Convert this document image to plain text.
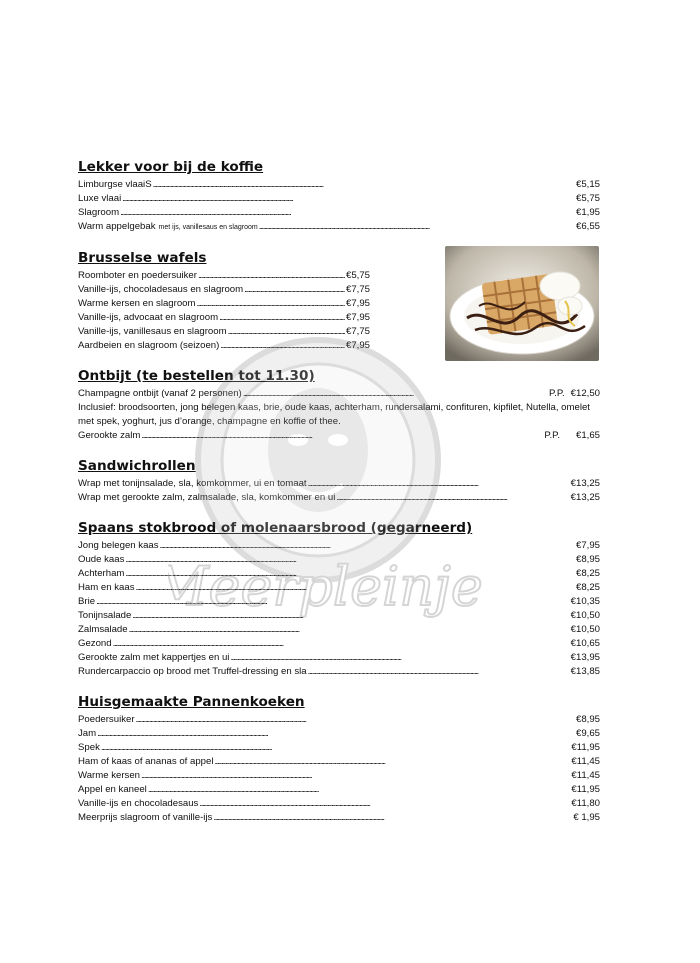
Lekker voor bij de koffie
Limburgse vlaaiS . . .	€5,15
Luxe vlaai . . .	€5,75
Slagroom . . .	€1,95
Warm appelgebak met ijs, vanillesaus en slagroom . . .	€6,55
Brusselse wafels
Roomboter en poedersuiker . . .	€5,75
Vanille-ijs, chocoladesaus en slagroom . . .	€7,75
Warme kersen en slagroom . . .	€7,95
Vanille-ijs, advocaat en slagroom . . .	€7,95
Vanille-ijs, vanillesaus en slagroom . . .	€7,75
Aardbeien en slagroom (seizoen) . . .	€7,95
Ontbijt (te bestellen tot 11.30)
Champagne ontbijt (vanaf 2 personen) . . .	P.P. €12,50
Inclusief: broodsoorten, jong belegen kaas, brie, oude kaas, achterham, rundersalami, confituren, kipfilet, Nutella, omelet met spek, yoghurt, jus d’orange, champagne en koffie of thee.
Gerookte zalm . . .	P.P.	€1,65
Sandwichrollen
Wrap met tonijnsalade, sla, komkommer, ui en tomaat . . .	€13,25
Wrap met gerookte zalm, zalmsalade, sla, komkommer en ui . . .	€13,25
Spaans stokbrood of molenaarsbrood (gegarneerd)
Jong belegen kaas . . .	€7,95
Oude kaas . . .	€8,95
Achterham . . .	€8,25
Ham en kaas . . .	€8,25
Brie . . .	€10,35
Tonijnsalade . . .	€10,50
Zalmsalade . . .	€10,50
Gezond . . .	€10,65
Gerookte zalm met kappertjes en ui . . .	€13,95
Rundercarpaccio op brood met Truffel-dressing en sla . . .	€13,85
Huisgemaakte Pannenkoeken
Poedersuiker . . .	€8,95
Jam . . .	€9,65
Spek . . .	€11,95
Ham of kaas of ananas of appel . . .	€11,45
Warme kersen . . .	€11,45
Appel en kaneel . . .	€11,95
Vanille-ijs en chocoladesaus . . .	€11,80
Meerprijs slagroom of vanille-ijs . . .	€ 1,95
Meerpleinje
